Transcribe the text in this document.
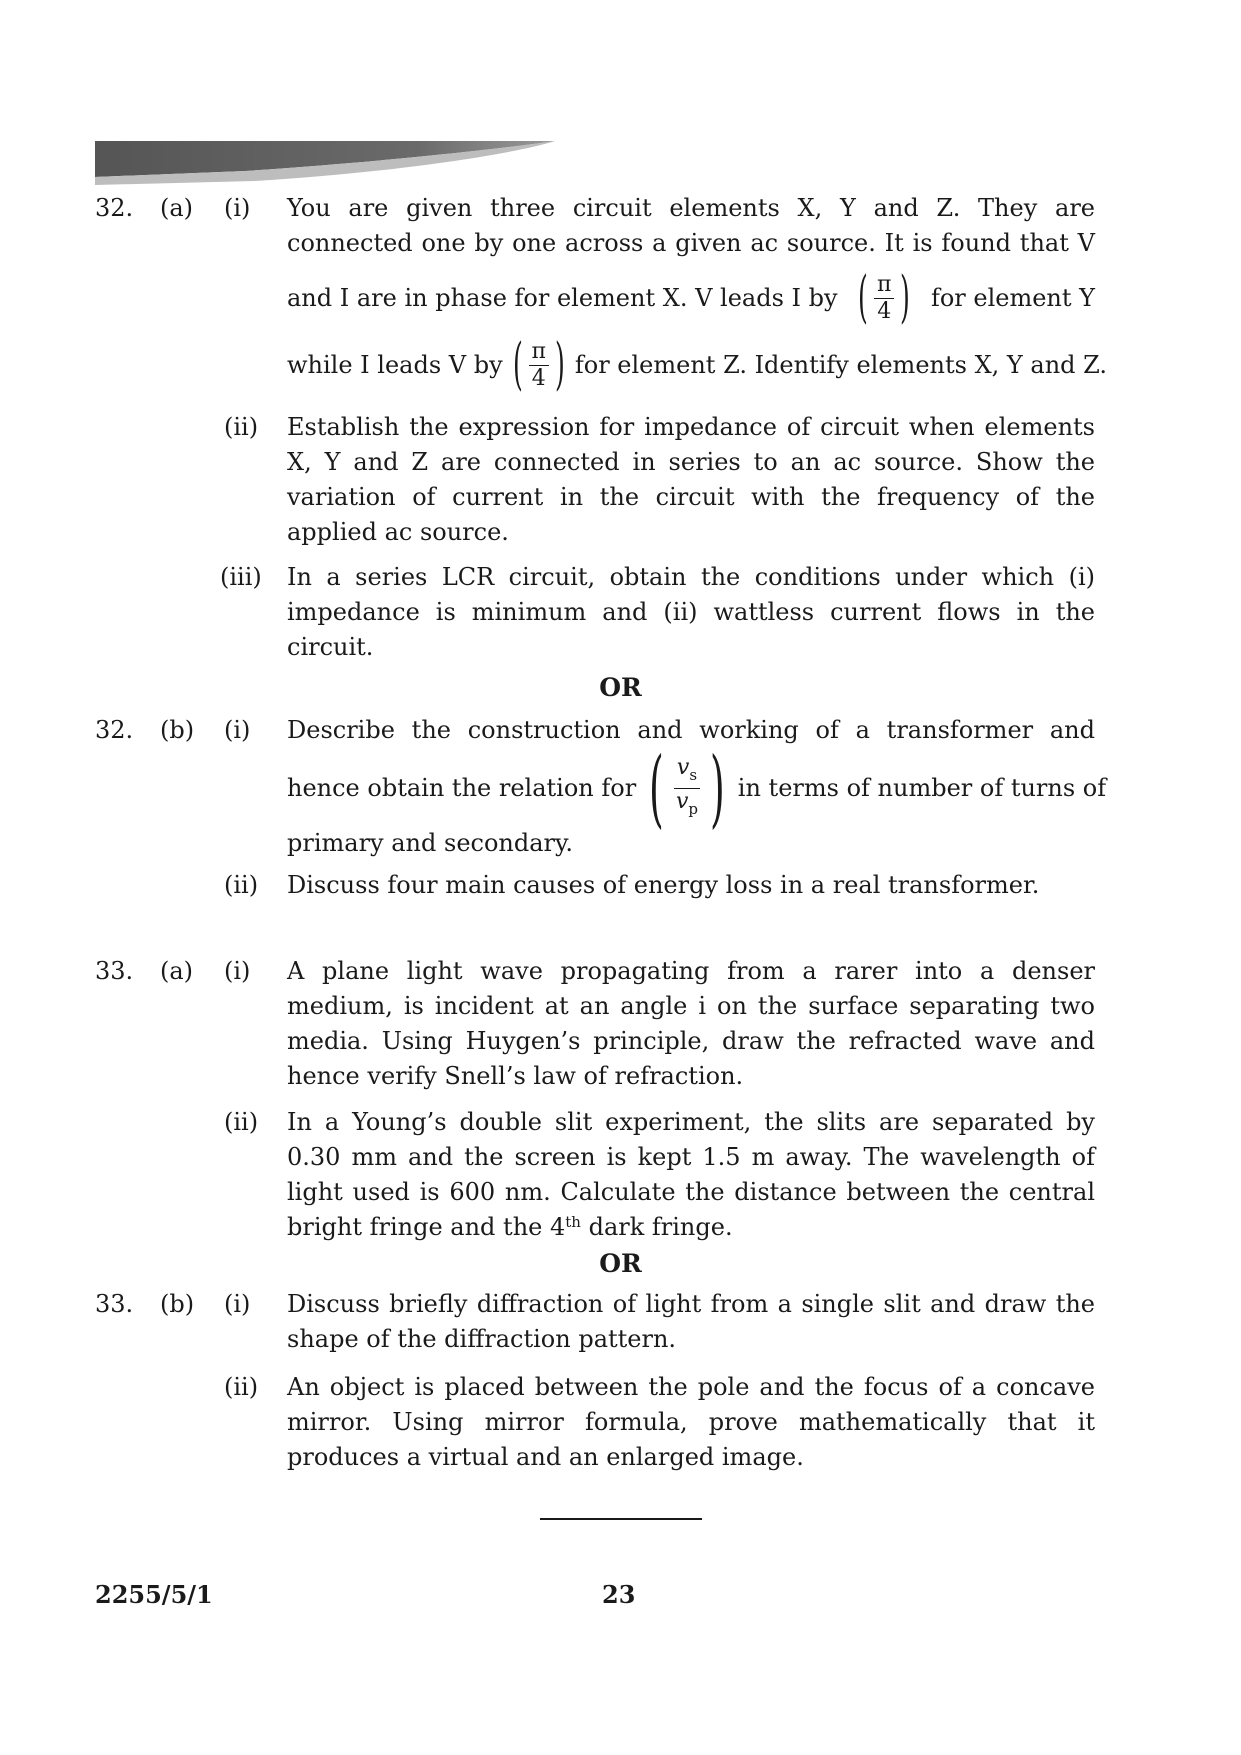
32. (a) (i) You are given three circuit elements X, Y and Z. They are connected one by one across a given ac source. It is found that V
and I are in phase for element X. V leads I by ( $\frac{\pi}{4}$ ) for element Y
while I leads V by ( $\frac{\pi}{4}$ ) for element Z. Identify elements X, Y and Z.
(ii) Establish the expression for impedance of circuit when elements X, Y and Z are connected in series to an ac source. Show the variation of current in the circuit with the frequency of the applied ac source.
(iii) In a series LCR circuit, obtain the conditions under which (i) impedance is minimum and (ii) wattless current flows in the circuit.
OR
32. (b) (i) Describe the construction and working of a transformer and
hence obtain the relation for ( $\frac{v_s}{v_p}$ ) in terms of number of turns of
primary and secondary.
(ii) Discuss four main causes of energy loss in a real transformer.
33. (a) (i) A plane light wave propagating from a rarer into a denser medium, is incident at an angle i on the surface separating two media. Using Huygen’s principle, draw the refracted wave and hence verify Snell’s law of refraction.
(ii) In a Young’s double slit experiment, the slits are separated by 0.30 mm and the screen is kept 1.5 m away. The wavelength of light used is 600 nm. Calculate the distance between the central bright fringe and the 4th dark fringe.
OR
33. (b) (i) Discuss briefly diffraction of light from a single slit and draw the shape of the diffraction pattern.
(ii) An object is placed between the pole and the focus of a concave mirror. Using mirror formula, prove mathematically that it produces a virtual and an enlarged image.
2255/5/1	23
